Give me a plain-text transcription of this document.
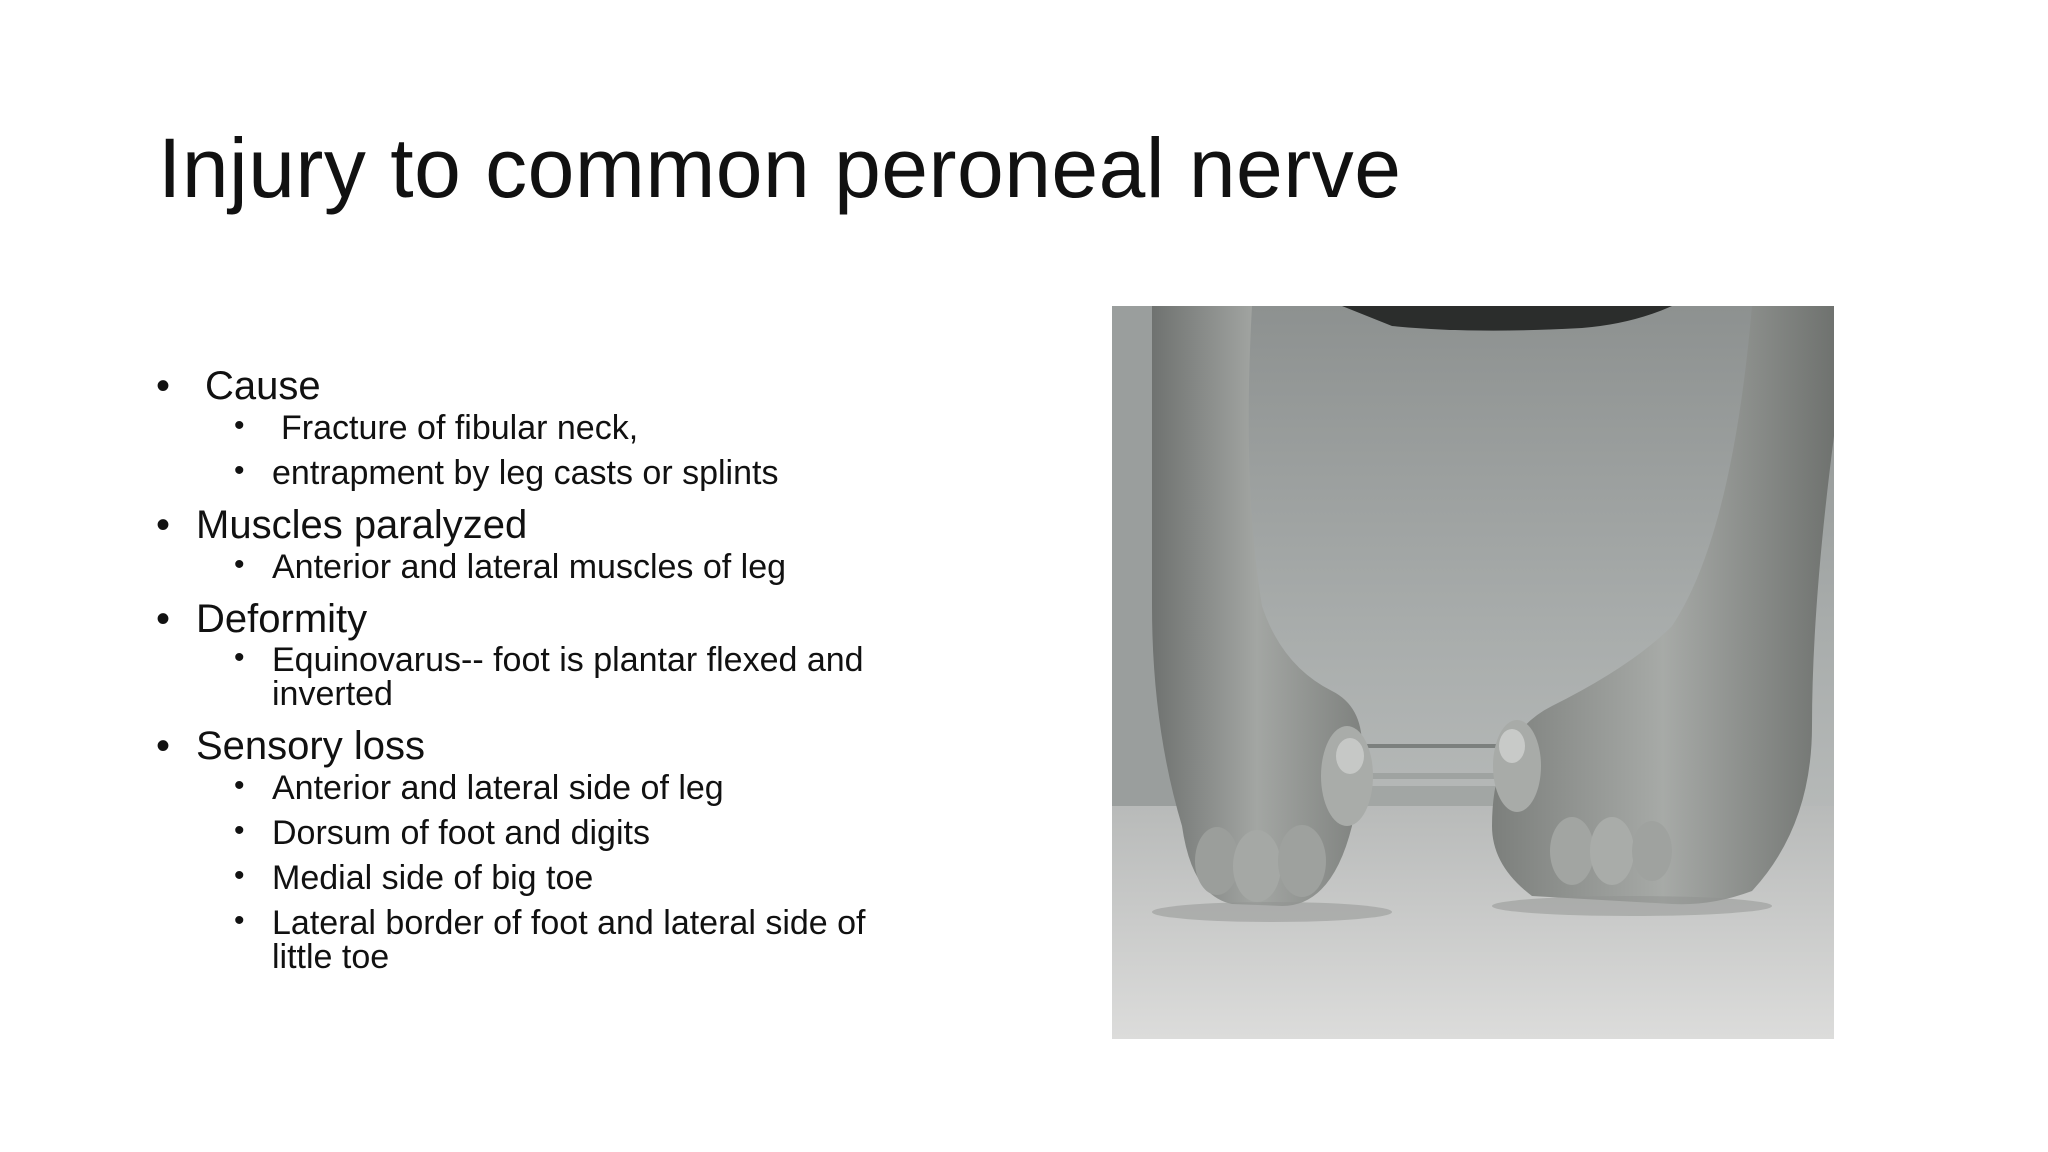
Injury to common peroneal nerve
• Cause
• Fracture of fibular neck,
• entrapment by leg casts or splints
• Muscles paralyzed
• Anterior and lateral muscles of leg
• Deformity
• Equinovarus-- foot is plantar flexed and inverted
• Sensory loss
• Anterior and lateral side of leg
• Dorsum of foot and digits
• Medial side of big toe
• Lateral border of foot and lateral side of little toe
